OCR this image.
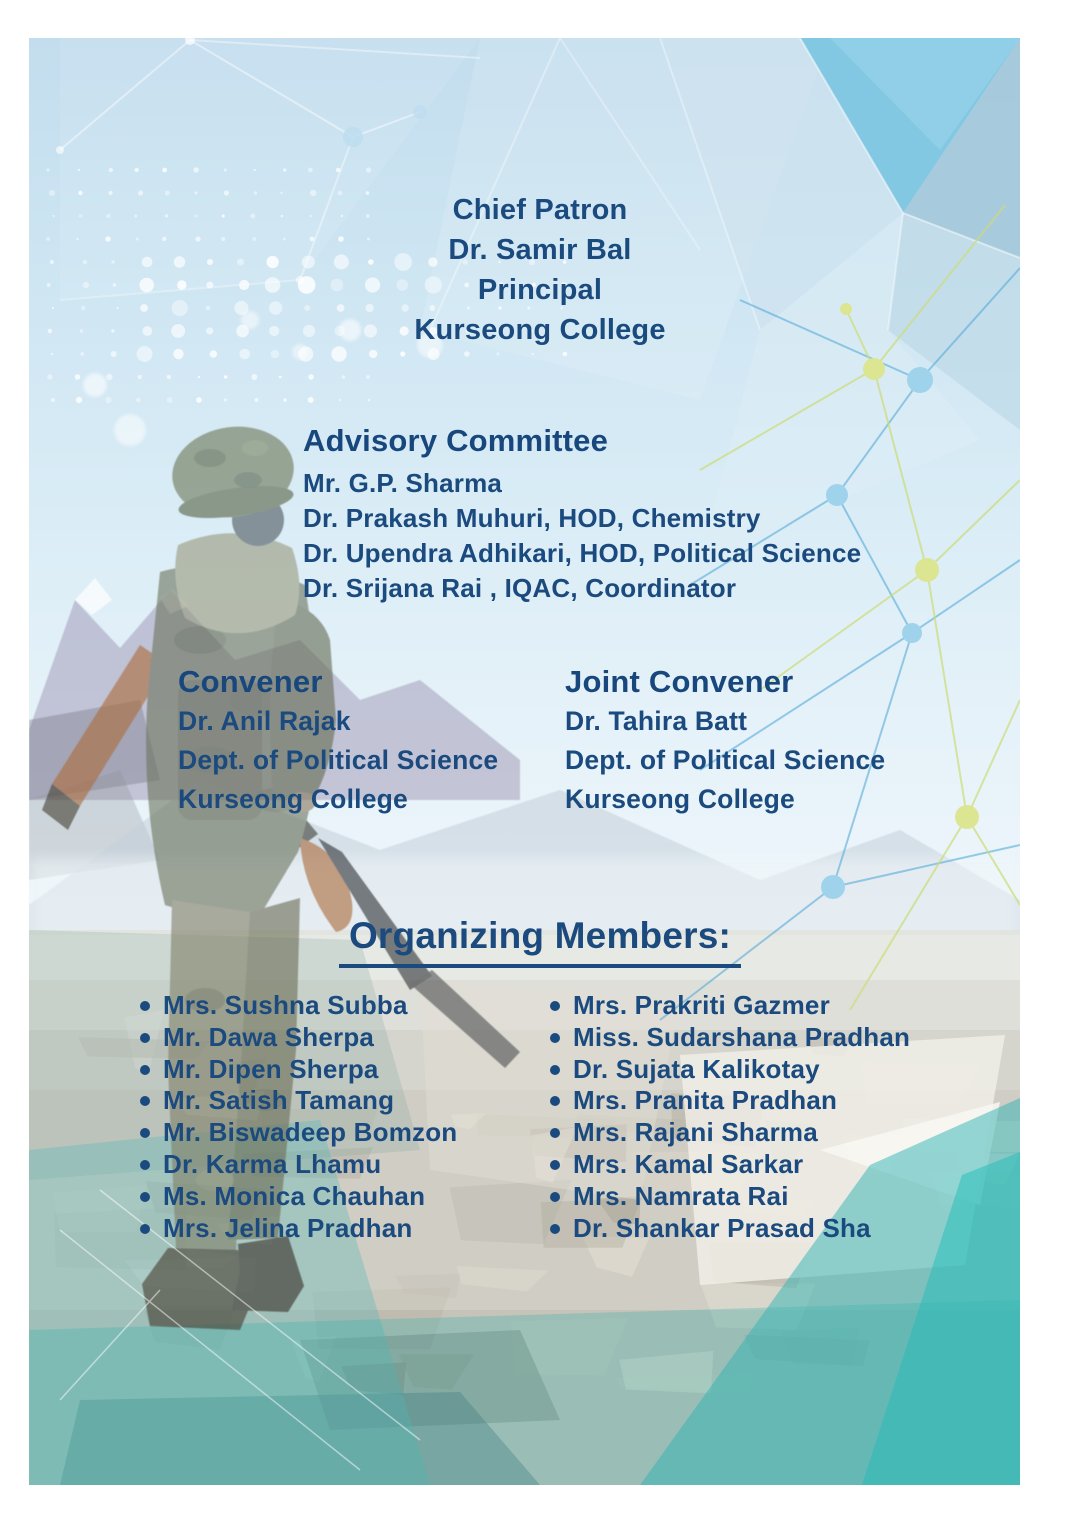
Chief Patron
Dr. Samir Bal
Principal
Kurseong College
Advisory Committee
Mr. G.P. Sharma
Dr. Prakash Muhuri, HOD, Chemistry
Dr. Upendra Adhikari, HOD, Political Science
Dr. Srijana Rai , IQAC, Coordinator
Convener

Dr. Anil Rajak

Dept. of Political Science

Kurseong College

Joint Convener

Dr. Tahira Batt

Dept. of Political Science

Kurseong College

Organizing Members:
Mrs. Sushna Subba
Mr. Dawa Sherpa
Mr. Dipen Sherpa
Mr. Satish Tamang
Mr. Biswadeep Bomzon
Dr. Karma Lhamu
Ms. Monica Chauhan
Mrs. Jelina Pradhan
Mrs. Prakriti Gazmer
Miss. Sudarshana Pradhan
Dr. Sujata Kalikotay
Mrs. Pranita Pradhan
Mrs. Rajani Sharma
Mrs. Kamal Sarkar
Mrs. Namrata Rai
Dr. Shankar Prasad Sha
